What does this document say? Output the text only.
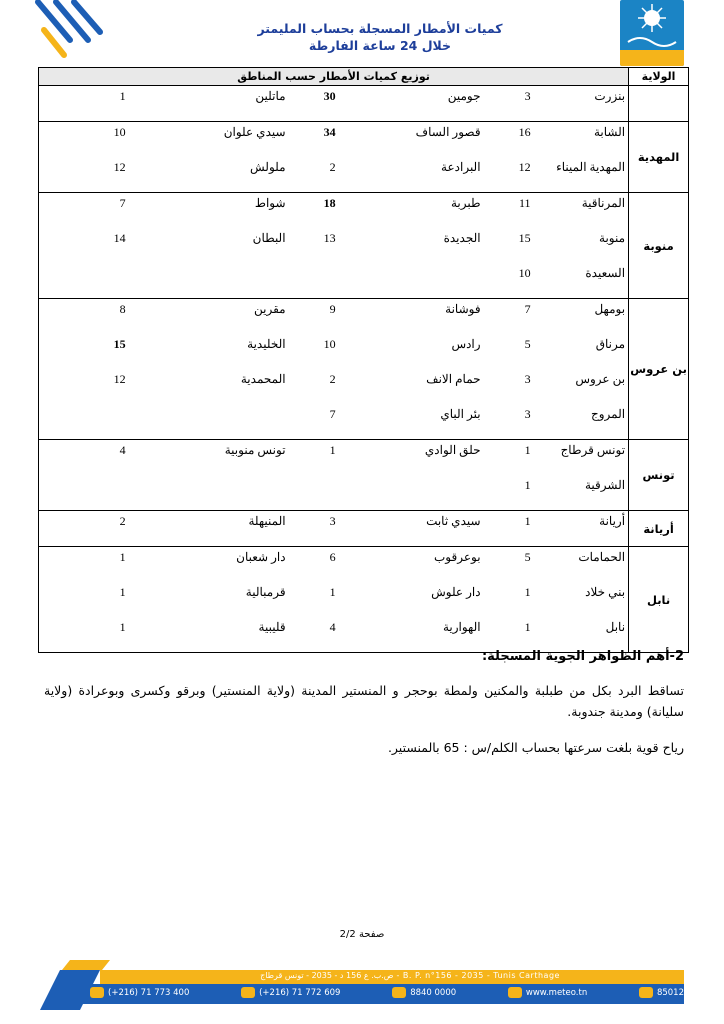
كميات الأمطار المسجلة بحساب المليمتر
خلال 24 ساعة الفارطة
الولاية	توزيع كميات الأمطار حسب المناطق					
	بنزرت	3	جومين	30	ماتلين	1
المهدية	الشابة	16	قصور الساف	34	سيدي علوان	10
	المهدية الميناء	12	البرادعة	2	ملولش	12
منوبة	المرناقية	11	طبربة	18	شواط	7
	منوبة	15	الجديدة	13	البطان	14
	السعيدة	10				
بن عروس	بومهل	7	فوشانة	9	مقرين	8
	مرناق	5	رادس	10	الخليدية	15
	بن عروس	3	حمام الانف	2	المحمدية	12
	المروج	3	بئر الباي	7		
تونس	تونس قرطاج	1	حلق الوادي	1	تونس منوبية	4
	الشرقية	1				
أريانة	أريانة	1	سيدي ثابت	3	المنيهلة	2
نابل	الحمامات	5	بوعرقوب	6	دار شعبان	1
	بني خلاد	1	دار علوش	1	قرمبالية	1
	نابل	1	الهوارية	4	قليبية	1
2-أهم الظواهر الجوية المسجلة:
تساقط البرد بكل من طبلبة والمكنين ولمطة بوحجر و المنستير المدينة (ولاية المنستير) وبرقو وكسرى وبوعرادة (ولاية سليانة) ومدينة جندوبة.
رياح قوية بلغت سرعتها بحساب الكلم/س : 65 بالمنستير.
صفحة 2/2
B. P. n°156 - 2035 - Tunis Carthage - ص.ب. ع 156 د - 2035 - تونس قرطاج
(+216) 71 773 400	(+216) 71 772 609	8840 0000	www.meteo.tn	85012
